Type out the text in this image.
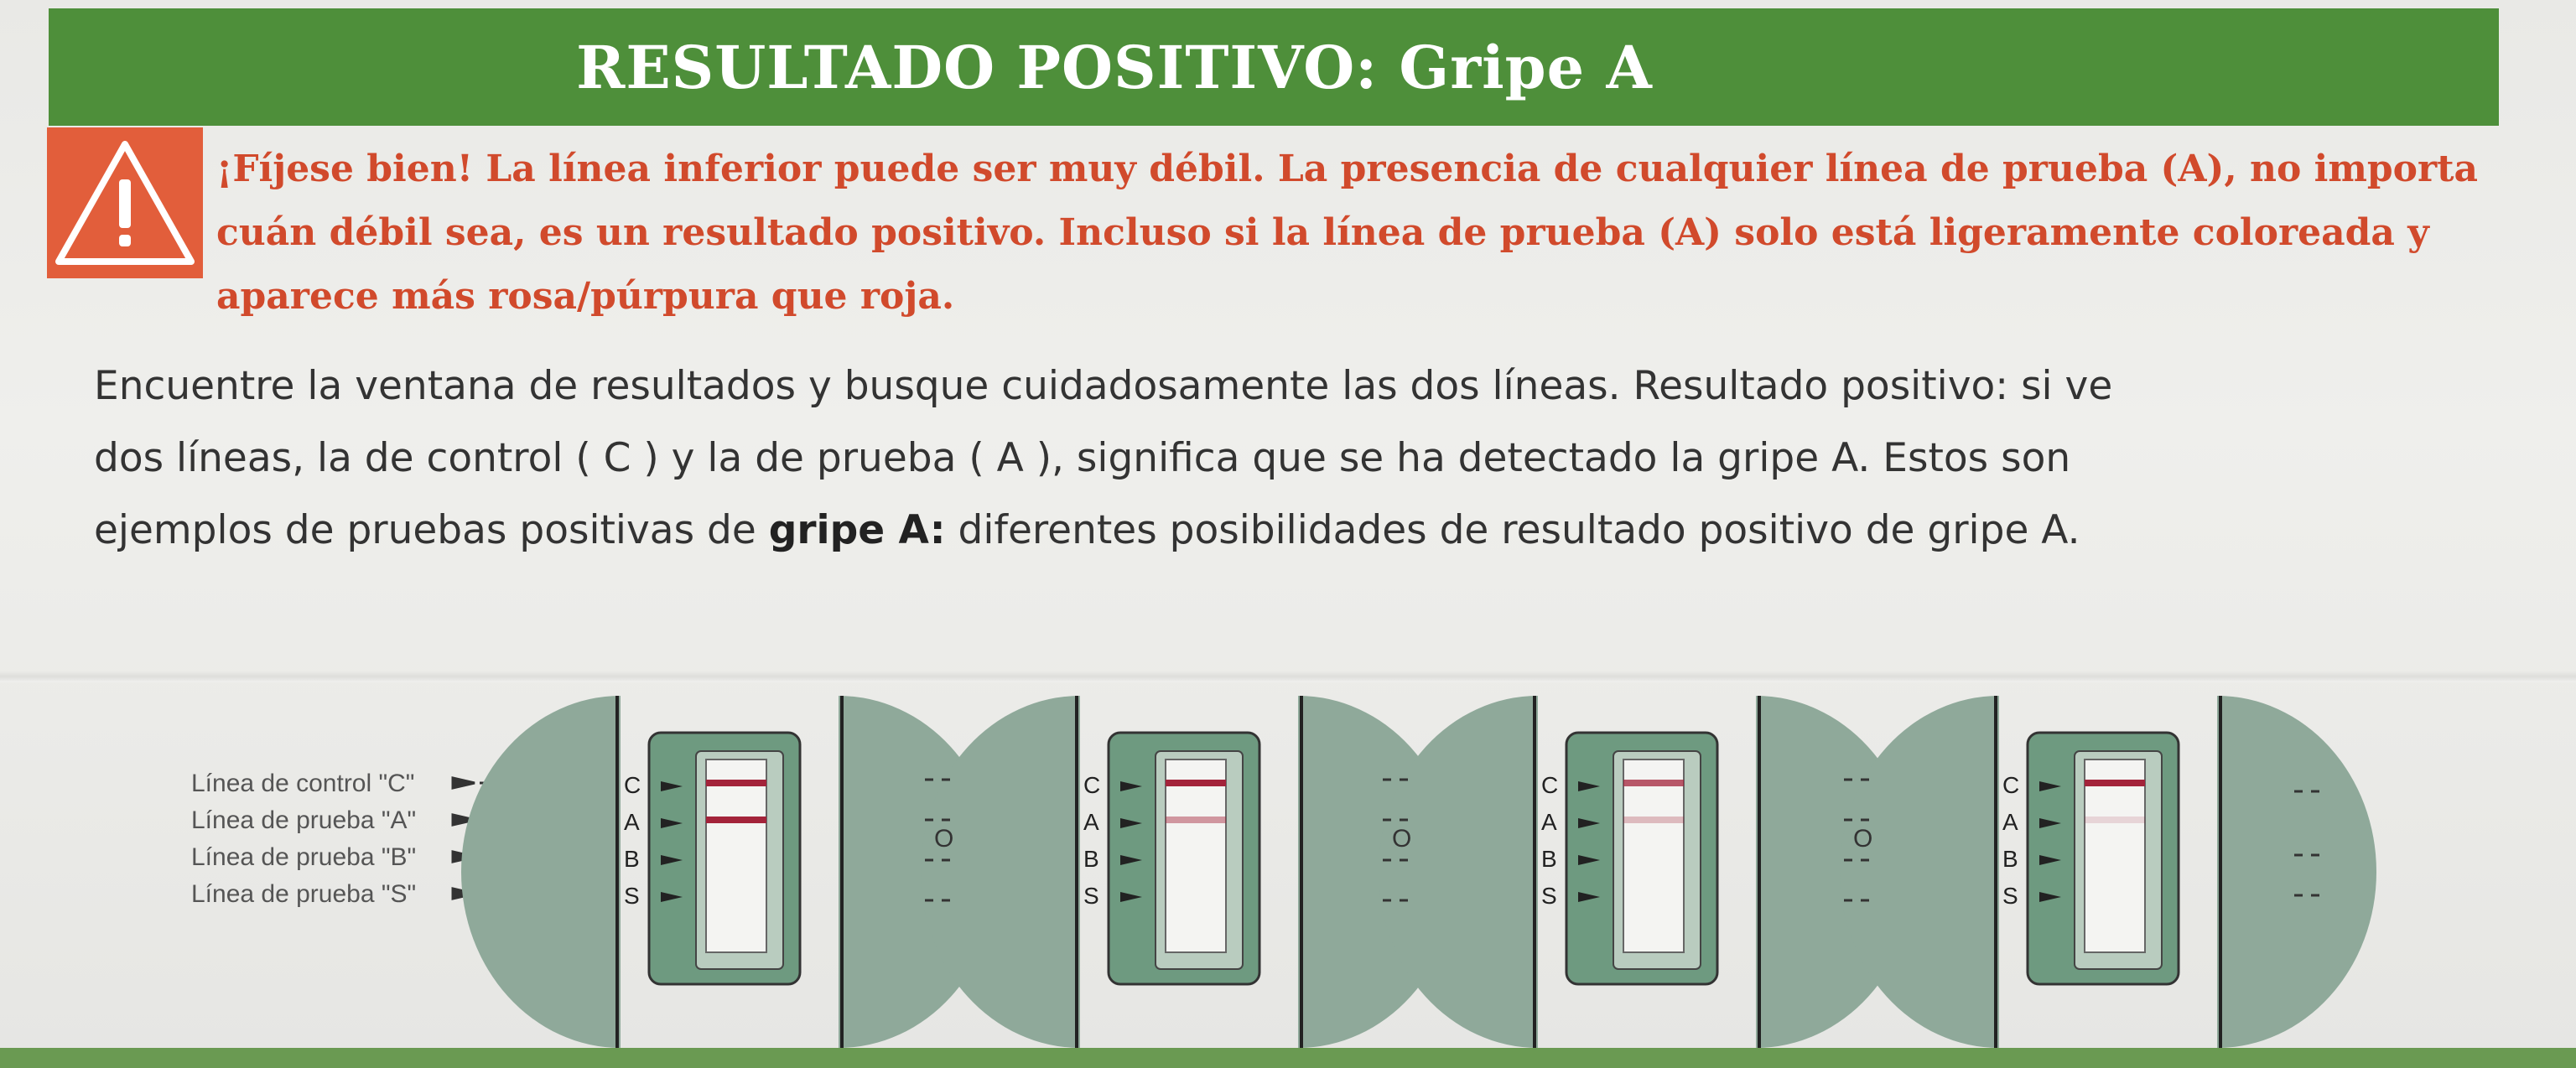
RESULTADO POSITIVO: Gripe A
¡Fíjese bien! La línea inferior puede ser muy débil. La presencia de cualquier línea de prueba (A), no importa
cuán débil sea, es un resultado positivo. Incluso si la línea de prueba (A) solo está ligeramente coloreada y
aparece más rosa/púrpura que roja.
Encuentre la ventana de resultados y busque cuidadosamente las dos líneas. Resultado positivo: si ve
dos líneas, la de control ( C ) y la de prueba ( A ), significa que se ha detectado la gripe A. Estos son
ejemplos de pruebas positivas de gripe A: diferentes posibilidades de resultado positivo de gripe A.
Línea de control "C"
Línea de prueba "A"
Línea de prueba "B"
Línea de prueba "S"
C
A
B
S
C
A
B
S
O
C
A
B
S
O
C
A
B
S
O
